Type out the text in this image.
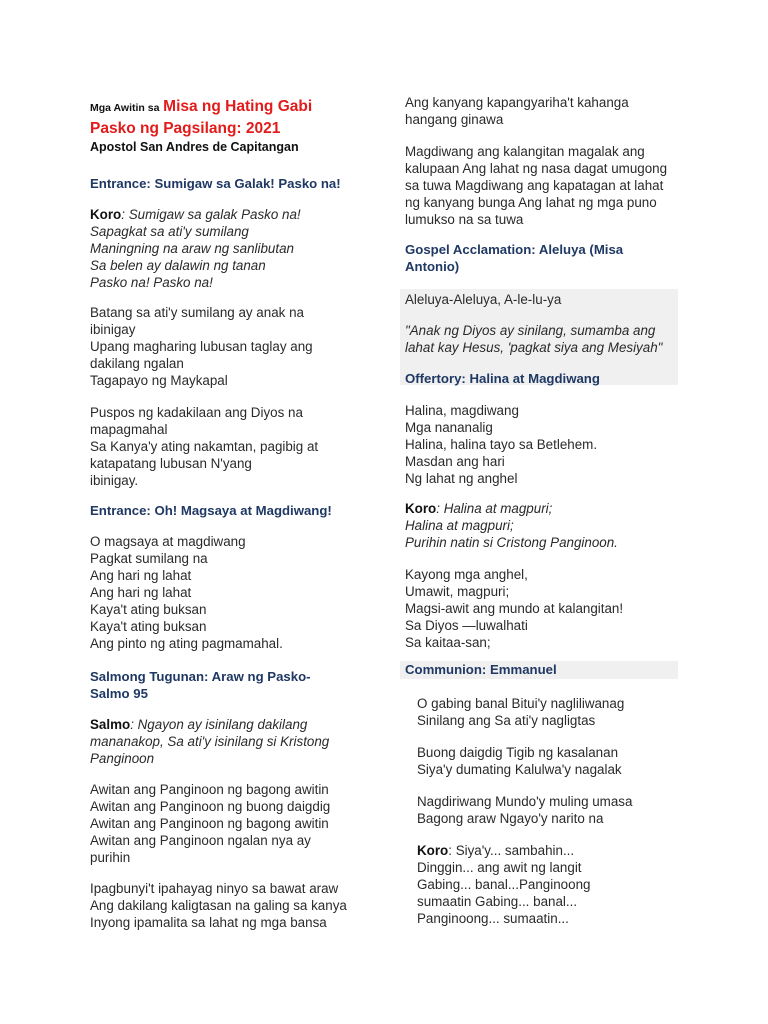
Mga Awitin sa Misa ng Hating Gabi
Pasko ng Pagsilang: 2021
Apostol San Andres de Capitangan
Entrance: Sumigaw sa Galak! Pasko na!
Koro: Sumigaw sa galak Pasko na!
Sapagkat sa ati'y sumilang
Maningning na araw ng sanlibutan
Sa belen ay dalawin ng tanan
Pasko na! Pasko na!
Batang sa ati'y sumilang ay anak na
ibinigay
Upang magharing lubusan taglay ang
dakilang ngalan
Tagapayo ng Maykapal
Puspos ng kadakilaan ang Diyos na
mapagmahal
Sa Kanya'y ating nakamtan, pagibig at
katapatang lubusan N'yang
ibinigay.
Entrance: Oh! Magsaya at Magdiwang!
O magsaya at magdiwang
Pagkat sumilang na
Ang hari ng lahat
Ang hari ng lahat
Kaya't ating buksan
Kaya't ating buksan
Ang pinto ng ating pagmamahal.
Salmong Tugunan: Araw ng Pasko-
Salmo 95
Salmo: Ngayon ay isinilang dakilang
mananakop, Sa ati'y isinilang si Kristong
Panginoon
Awitan ang Panginoon ng bagong awitin
Awitan ang Panginoon ng buong daigdig
Awitan ang Panginoon ng bagong awitin
Awitan ang Panginoon ngalan nya ay
purihin
Ipagbunyi't ipahayag ninyo sa bawat araw
Ang dakilang kaligtasan na galing sa kanya
Inyong ipamalita sa lahat ng mga bansa
Ang kanyang kapangyariha't kahanga
hangang ginawa
Magdiwang ang kalangitan magalak ang
kalupaan Ang lahat ng nasa dagat umugong
sa tuwa Magdiwang ang kapatagan at lahat
ng kanyang bunga Ang lahat ng mga puno
lumukso na sa tuwa
Gospel Acclamation: Aleluya (Misa
Antonio)
Aleluya-Aleluya, A-le-lu-ya
"Anak ng Diyos ay sinilang, sumamba ang
lahat kay Hesus, 'pagkat siya ang Mesiyah"
Offertory: Halina at Magdiwang
Halina, magdiwang
Mga nananalig
Halina, halina tayo sa Betlehem.
Masdan ang hari
Ng lahat ng anghel
Koro: Halina at magpuri;
Halina at magpuri;
Purihin natin si Cristong Panginoon.
Kayong mga anghel,
Umawit, magpuri;
Magsi-awit ang mundo at kalangitan!
Sa Diyos —luwalhati
Sa kaitaa-san;
Communion: Emmanuel
O gabing banal Bitui'y nagliliwanag
Sinilang ang Sa ati'y nagligtas
Buong daigdig Tigib ng kasalanan
Siya'y dumating Kalulwa'y nagalak
Nagdiriwang Mundo'y muling umasa
Bagong araw Ngayo'y narito na
Koro: Siya'y... sambahin...
Dinggin... ang awit ng langit
Gabing... banal...Panginoong
sumaatin Gabing... banal...
Panginoong... sumaatin...
